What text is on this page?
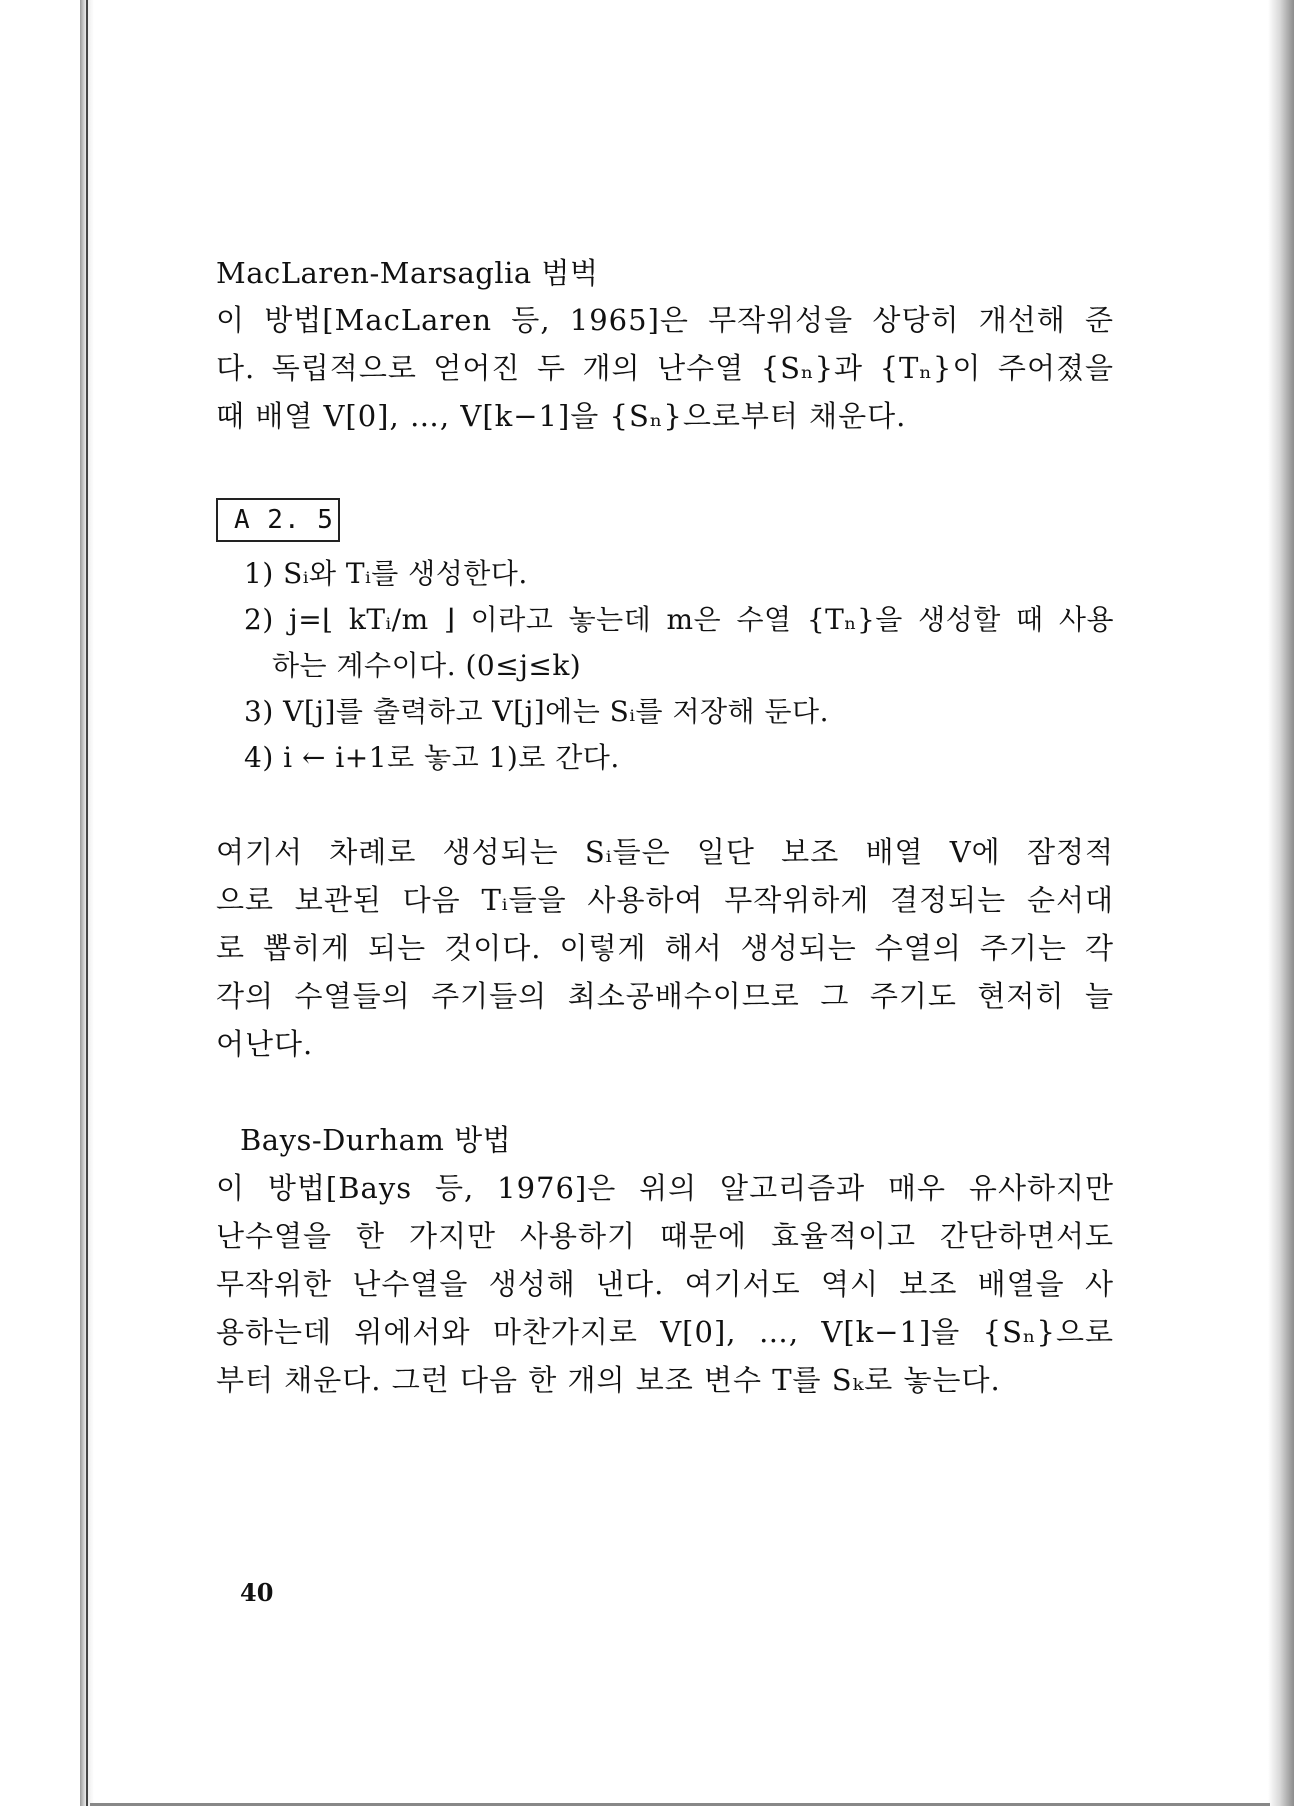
MacLaren-Marsaglia 범벅
이 방법[MacLaren 등, 1965]은 무작위성을 상당히 개선해 준
다. 독립적으로 얻어진 두 개의 난수열 {Sₙ}과 {Tₙ}이 주어졌을
때 배열 V[0], …, V[k−1]을 {Sₙ}으로부터 채운다.
A 2. 5
1) Sᵢ와 Tᵢ를 생성한다.
2) j=⌊ kTᵢ/m ⌋ 이라고 놓는데 m은 수열 {Tₙ}을 생성할 때 사용
하는 계수이다. (0≤j≤k)
3) V[j]를 출력하고 V[j]에는 Sᵢ를 저장해 둔다.
4) i ← i+1로 놓고 1)로 간다.
여기서 차례로 생성되는 Sᵢ들은 일단 보조 배열 V에 잠정적
으로 보관된 다음 Tᵢ들을 사용하여 무작위하게 결정되는 순서대
로 뽑히게 되는 것이다. 이렇게 해서 생성되는 수열의 주기는 각
각의 수열들의 주기들의 최소공배수이므로 그 주기도 현저히 늘
어난다.
Bays-Durham 방법
이 방법[Bays 등, 1976]은 위의 알고리즘과 매우 유사하지만
난수열을 한 가지만 사용하기 때문에 효율적이고 간단하면서도
무작위한 난수열을 생성해 낸다. 여기서도 역시 보조 배열을 사
용하는데 위에서와 마찬가지로 V[0], …, V[k−1]을 {Sₙ}으로
부터 채운다. 그런 다음 한 개의 보조 변수 T를 Sₖ로 놓는다.
40
